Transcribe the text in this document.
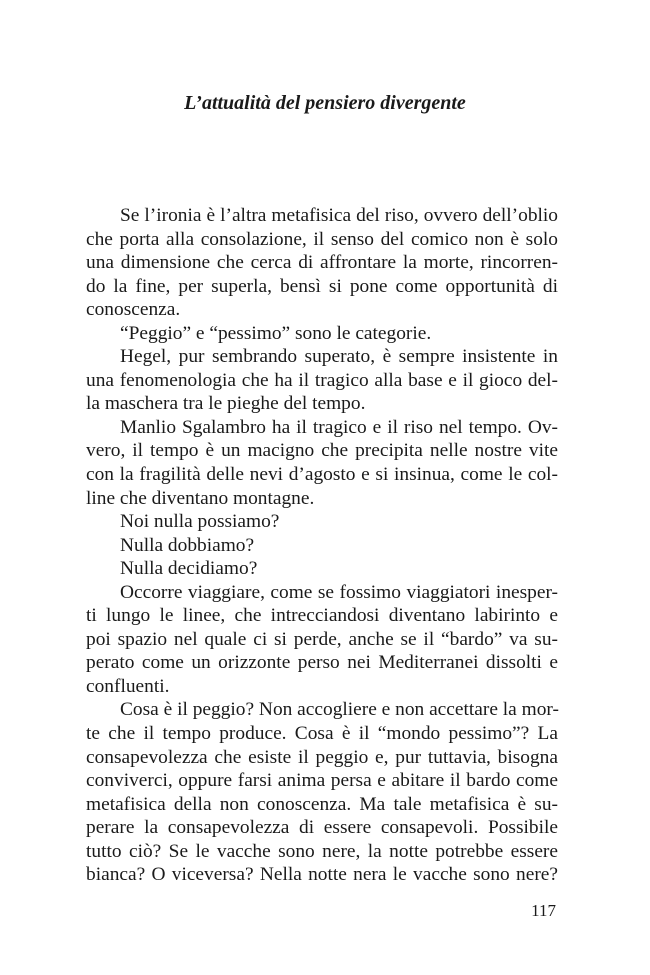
L’attualità del pensiero divergente
Se l’ironia è l’altra metafisica del riso, ovvero dell’oblio
che porta alla consolazione, il senso del comico non è solo
una dimensione che cerca di affrontare la morte, rincorren-
do la fine, per superla, bensì si pone come opportunità di
conoscenza.
“Peggio” e “pessimo” sono le categorie.
Hegel, pur sembrando superato, è sempre insistente in
una fenomenologia che ha il tragico alla base e il gioco del-
la maschera tra le pieghe del tempo.
Manlio Sgalambro ha il tragico e il riso nel tempo. Ov-
vero, il tempo è un macigno che precipita nelle nostre vite
con la fragilità delle nevi d’agosto e si insinua, come le col-
line che diventano montagne.
Noi nulla possiamo?
Nulla dobbiamo?
Nulla decidiamo?
Occorre viaggiare, come se fossimo viaggiatori inesper-
ti lungo le linee, che intrecciandosi diventano labirinto e
poi spazio nel quale ci si perde, anche se il “bardo” va su-
perato come un orizzonte perso nei Mediterranei dissolti e
confluenti.
Cosa è il peggio? Non accogliere e non accettare la mor-
te che il tempo produce. Cosa è il “mondo pessimo”? La
consapevolezza che esiste il peggio e, pur tuttavia, bisogna
conviverci, oppure farsi anima persa e abitare il bardo come
metafisica della non conoscenza. Ma tale metafisica è su-
perare la consapevolezza di essere consapevoli. Possibile
tutto ciò? Se le vacche sono nere, la notte potrebbe essere
bianca? O viceversa? Nella notte nera le vacche sono nere?
117
